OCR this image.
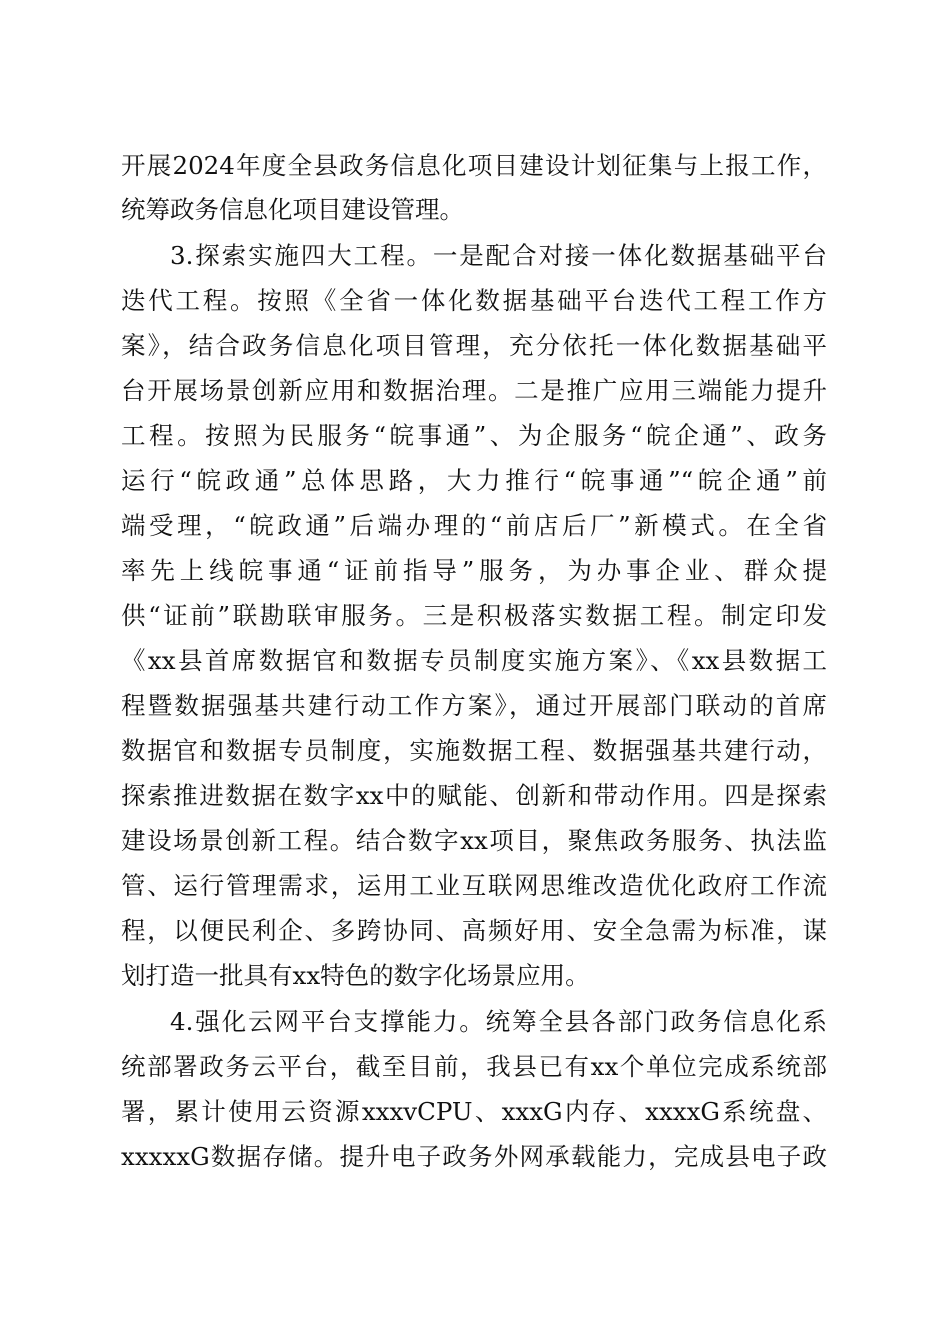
开展2024年度全县政务信息化项目建设计划征集与上报工作，
统筹政务信息化项目建设管理。
3.探索实施四大工程。一是配合对接一体化数据基础平台
迭代工程。按照《全省一体化数据基础平台迭代工程工作方
案》，结合政务信息化项目管理，充分依托一体化数据基础平
台开展场景创新应用和数据治理。二是推广应用三端能力提升
工程。按照为民服务“皖事通”、为企服务“皖企通”、政务
运行“皖政通”总体思路，大力推行“皖事通”“皖企通”前
端受理，“皖政通”后端办理的“前店后厂”新模式。在全省
率先上线皖事通“证前指导”服务，为办事企业、群众提
供“证前”联勘联审服务。三是积极落实数据工程。制定印发
《xx县首席数据官和数据专员制度实施方案》、《xx县数据工
程暨数据强基共建行动工作方案》，通过开展部门联动的首席
数据官和数据专员制度，实施数据工程、数据强基共建行动，
探索推进数据在数字xx中的赋能、创新和带动作用。四是探索
建设场景创新工程。结合数字xx项目，聚焦政务服务、执法监
管、运行管理需求，运用工业互联网思维改造优化政府工作流
程，以便民利企、多跨协同、高频好用、安全急需为标准，谋
划打造一批具有xx特色的数字化场景应用。
4.强化云网平台支撑能力。统筹全县各部门政务信息化系
统部署政务云平台，截至目前，我县已有xx个单位完成系统部
署，累计使用云资源xxxvCPU、xxxG内存、xxxxG系统盘、
xxxxxG数据存储。提升电子政务外网承载能力，完成县电子政
